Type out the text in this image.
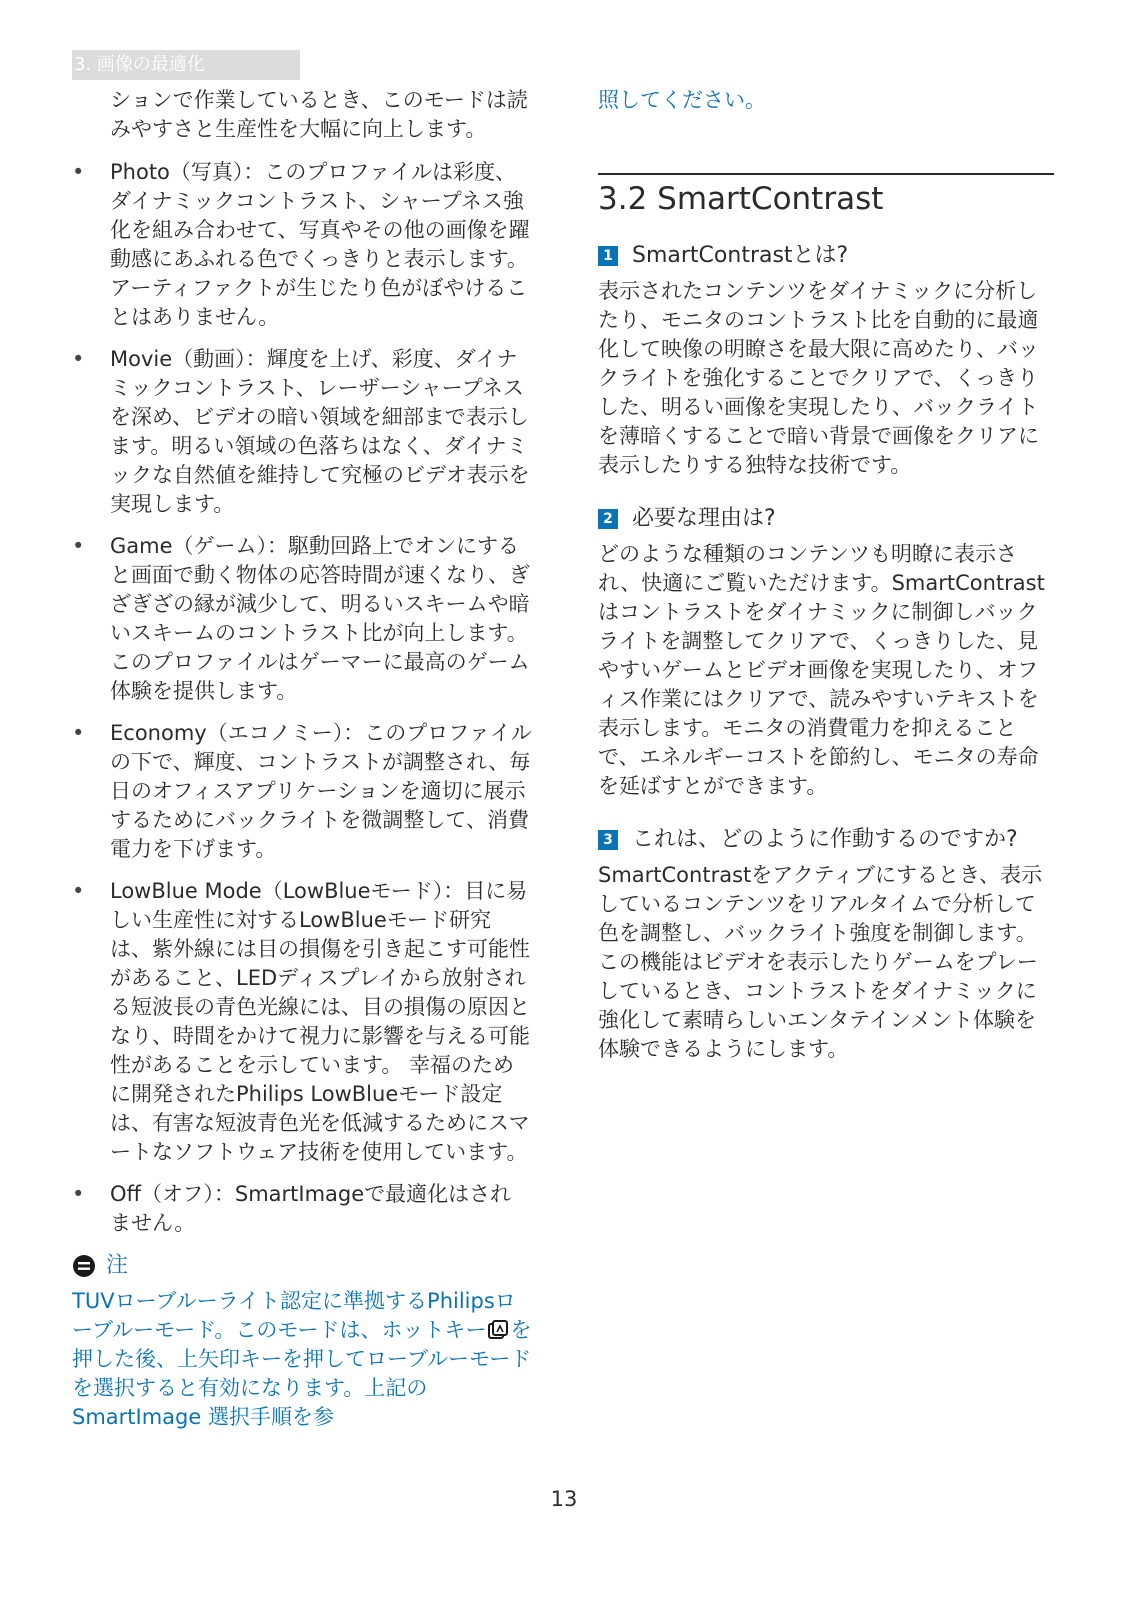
3. 画像の最適化

ションで作業しているとき、このモードは読みやすさと生産性を大幅に向上します。

• Photo（写真）：このプロファイルは彩度、ダイナミックコントラスト、シャープネス強化を組み合わせて、写真やその他の画像を躍動感にあふれる色でくっきりと表示します。アーティファクトが生じたり色がぼやけることはありません。
• Movie（動画）：輝度を上げ、彩度、ダイナミックコントラスト、レーザーシャープネスを深め、ビデオの暗い領域を細部まで表示します。明るい領域の色落ちはなく、ダイナミックな自然値を維持して究極のビデオ表示を実現します。
• Game（ゲーム）：駆動回路上でオンにすると画面で動く物体の応答時間が速くなり、ぎざぎざの縁が減少して、明るいスキームや暗いスキームのコントラスト比が向上します。このプロファイルはゲーマーに最高のゲーム体験を提供します。
• Economy（エコノミー）：このプロファイルの下で、輝度、コントラストが調整され、毎日のオフィスアプリケーションを適切に展示するためにバックライトを微調整して、消費電力を下げます。
• LowBlue Mode（LowBlueモード）：目に易しい生産性に対するLowBlueモード研究は、紫外線には目の損傷を引き起こす可能性があること、LEDディスプレイから放射される短波長の青色光線には、目の損傷の原因となり、時間をかけて視力に影響を与える可能性があることを示しています。 幸福のために開発されたPhilips LowBlueモード設定は、有害な短波青色光を低減するためにスマートなソフトウェア技術を使用しています。
• Off（オフ）：SmartImageで最適化はされません。
注

TUVローブルーライト認定に準拠するPhilipsローブルーモード。このモードは、ホットキー を押した後、上矢印キーを押してローブルーモードを選択すると有効になります。上記のSmartImage 選択手順を参

照してください。

3.2 SmartContrast
1 SmartContrastとは?

表示されたコンテンツをダイナミックに分析したり、モニタのコントラスト比を自動的に最適化して映像の明瞭さを最大限に高めたり、バックライトを強化することでクリアで、くっきりした、明るい画像を実現したり、バックライトを薄暗くすることで暗い背景で画像をクリアに表示したりする独特な技術です。

2 必要な理由は?

どのような種類のコンテンツも明瞭に表示され、快適にご覧いただけます。SmartContrastはコントラストをダイナミックに制御しバックライトを調整してクリアで、くっきりした、見やすいゲームとビデオ画像を実現したり、オフィス作業にはクリアで、読みやすいテキストを表示します。モニタの消費電力を抑えることで、エネルギーコストを節約し、モニタの寿命を延ばすとができます。

3 これは、どのように作動するのですか?

SmartContrastをアクティブにするとき、表示しているコンテンツをリアルタイムで分析して色を調整し、バックライト強度を制御します。この機能はビデオを表示したりゲームをプレーしているとき、コントラストをダイナミックに強化して素晴らしいエンタテインメント体験を体験できるようにします。

13
